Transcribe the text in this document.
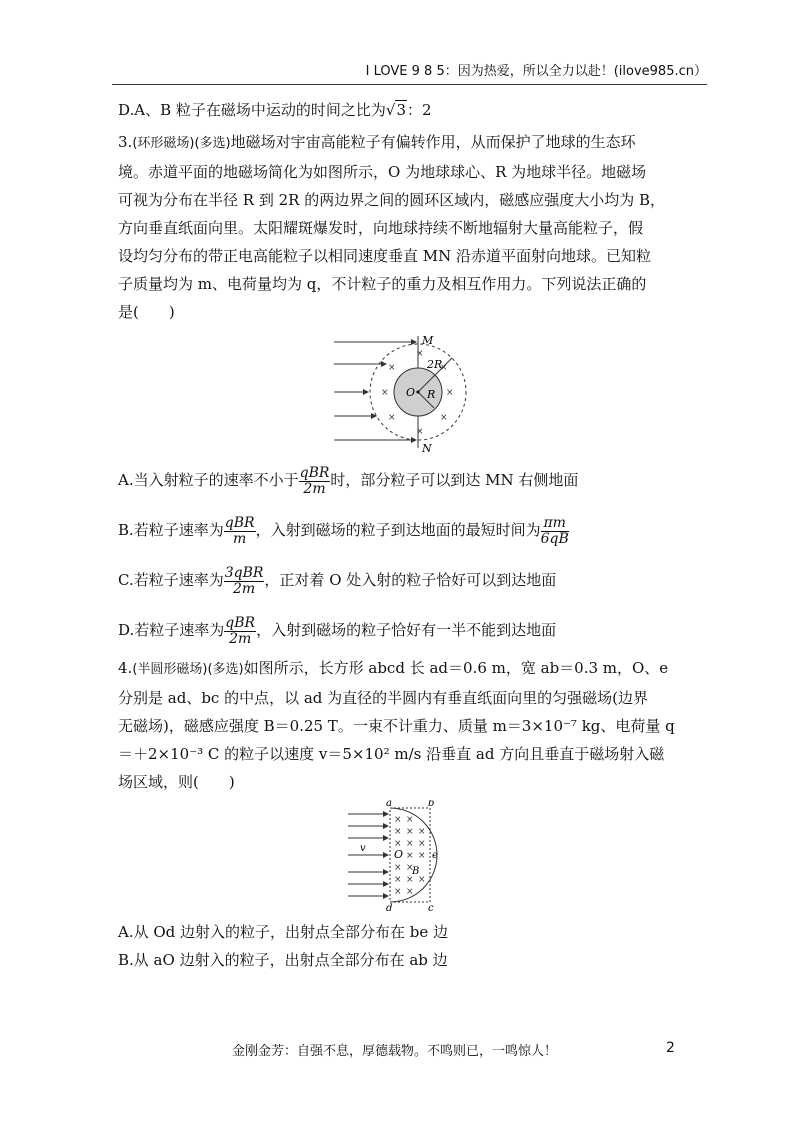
I LOVE 9 8 5：因为热爱，所以全力以赴！(ilove985.cn）
D.A、B 粒子在磁场中运动的时间之比为√3：2

3.(环形磁场)(多选)地磁场对宇宙高能粒子有偏转作用，从而保护了地球的生态环

境。赤道平面的地磁场简化为如图所示，O 为地球球心、R 为地球半径。地磁场

可视为分布在半径 R 到 2R 的两边界之间的圆环区域内，磁感应强度大小均为 B，

方向垂直纸面向里。太阳耀斑爆发时，向地球持续不断地辐射大量高能粒子，假

设均匀分布的带正电高能粒子以相同速度垂直 MN 沿赤道平面射向地球。已知粒

子质量均为 m、电荷量均为 q，不计粒子的重力及相互作用力。下列说法正确的

是(　　)

M
N
O R
2R
×
×	×
×	×
×	×
×
A.当入射粒子的速率不小于 $\frac{\text{qBR}}{2m}$ 时，部分粒子可以到达 MN 右侧地面
B.若粒子速率为 $\frac{\text{qBR}}{m}$ ，入射到磁场的粒子到达地面的最短时间为 $\frac{\pi m}{6qB}$
C.若粒子速率为 $\frac{\text{3qBR}}{2m}$ ，正对着 O 处入射的粒子恰好可以到达地面
D.若粒子速率为 $\frac{\text{qBR}}{2m}$ ，入射到磁场的粒子恰好有一半不能到达地面

4.(半圆形磁场)(多选)如图所示，长方形 abcd 长 ad＝0.6 m，宽 ab＝0.3 m，O、e

分别是 ad、bc 的中点，以 ad 为直径的半圆内有垂直纸面向里的匀强磁场(边界

无磁场)，磁感应强度 B＝0.25 T。一束不计重力、质量 m＝3×10⁻⁷ kg、电荷量 q

＝＋2×10⁻³ C 的粒子以速度 v＝5×10² m/s 沿垂直 ad 方向且垂直于磁场射入磁

场区域，则(　　)

a	b
d	c
e
O
B
v
× ×
× × ×
× × ×
× ×
× ×
× × ×
× ×
A.从 Od 边射入的粒子，出射点全部分布在 be 边
B.从 aO 边射入的粒子，出射点全部分布在 ab 边
金刚金芳：自强不息，厚德载物。不鸣则已，一鸣惊人！	2
